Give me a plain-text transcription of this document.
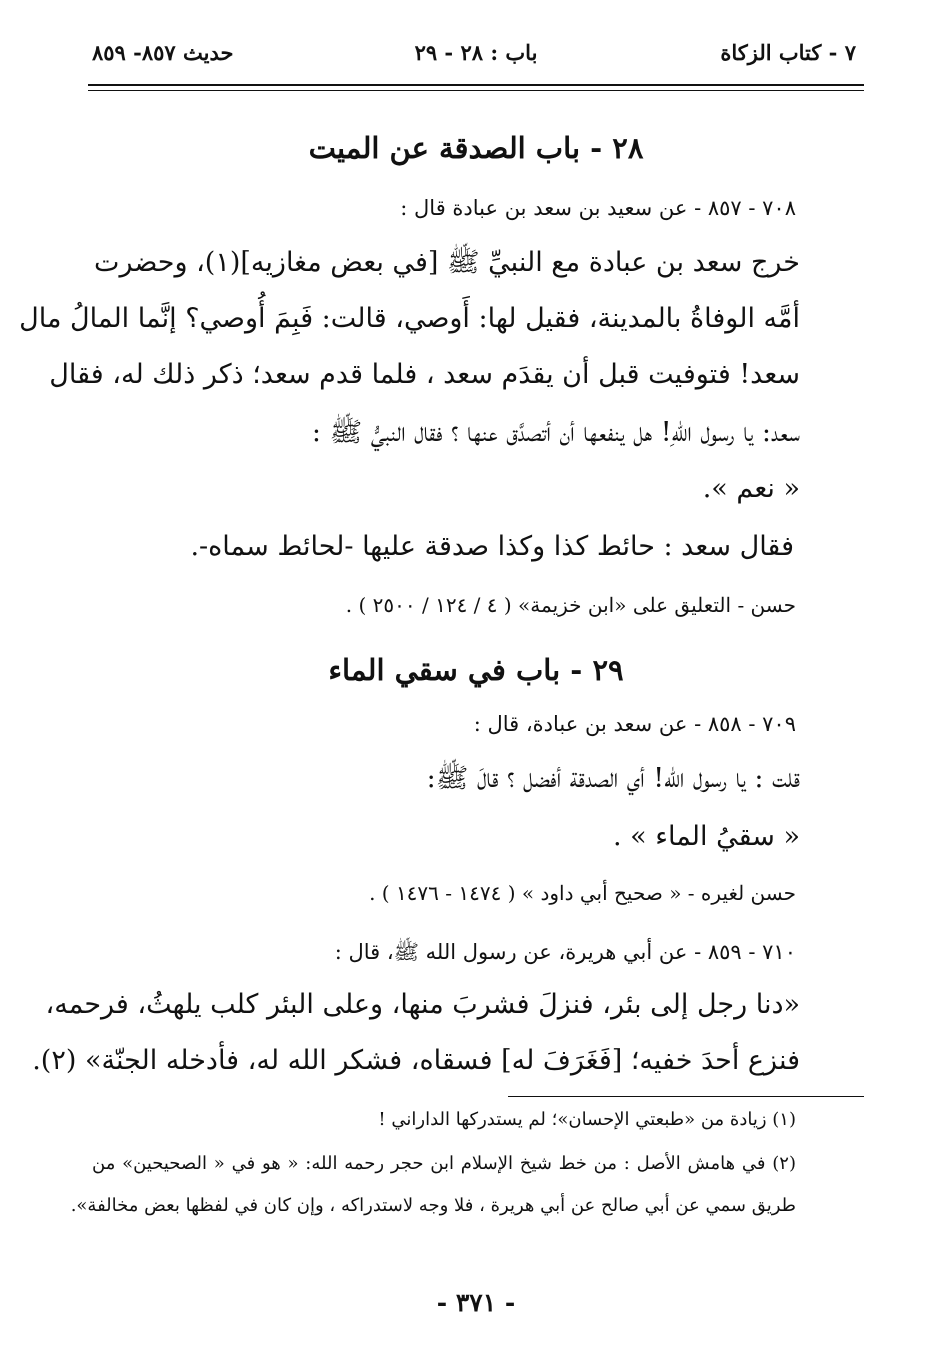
٧ - كتاب الزكاة
باب : ٢٨ - ٢٩
حديث ٨٥٧- ٨٥٩
٢٨ - باب الصدقة عن الميت
٧٠٨ - ٨٥٧ - عن سعيد بن سعد بن عبادة قال :
خرج سعد بن عبادة مع النبيِّ ﷺ [في بعض مغازيه](١)، وحضرت
أمَّه الوفاةُ بالمدينة، فقيل لها: أَوصي، قالت: فَبِمَ أُوصي؟ إنَّما المالُ مال
سعد! فتوفيت قبل أن يقدَم سعد ، فلما قدم سعد؛ ذكر ذلك له، فقال
سعد: يا رسول اللهِ! هل ينفعها أن أتصدَّق عنها ؟ فقال النبيُّ ﷺ :
« نعم ».
فقال سعد : حائط كذا وكذا صدقة عليها -لحائط سماه-.
حسن - التعليق على «ابن خزيمة» ( ٤ / ١٢٤ / ٢٥٠٠ ) .
٢٩ - باب في سقي الماء
٧٠٩ - ٨٥٨ - عن سعد بن عبادة، قال :
قلت : يا رسول الله! أي الصدقة أفضل ؟ قالَ ﷺ:
« سقيُ الماء » .
حسن لغيره - « صحيح أبي داود » ( ١٤٧٤ - ١٤٧٦ ) .
٧١٠ - ٨٥٩ - عن أبي هريرة، عن رسول الله ﷺ، قال :
«دنا رجل إلى بئر، فنزلَ فشربَ منها، وعلى البئر كلب يلهثُ، فرحمه،
فنزع أحدَ خفيه؛ [فَغَرَفَ له] فسقاه، فشكر الله له، فأدخله الجنّة» (٢).
(١) زيادة من «طبعتي الإحسان»؛ لم يستدركها الداراني !
(٢) في هامش الأصل : من خط شيخ الإسلام ابن حجر رحمه الله: « هو في « الصحيحين» من
طريق سمي عن أبي صالح عن أبي هريرة ، فلا وجه لاستدراكه ، وإن كان في لفظها بعض مخالفة».
- ٣٧١ -
